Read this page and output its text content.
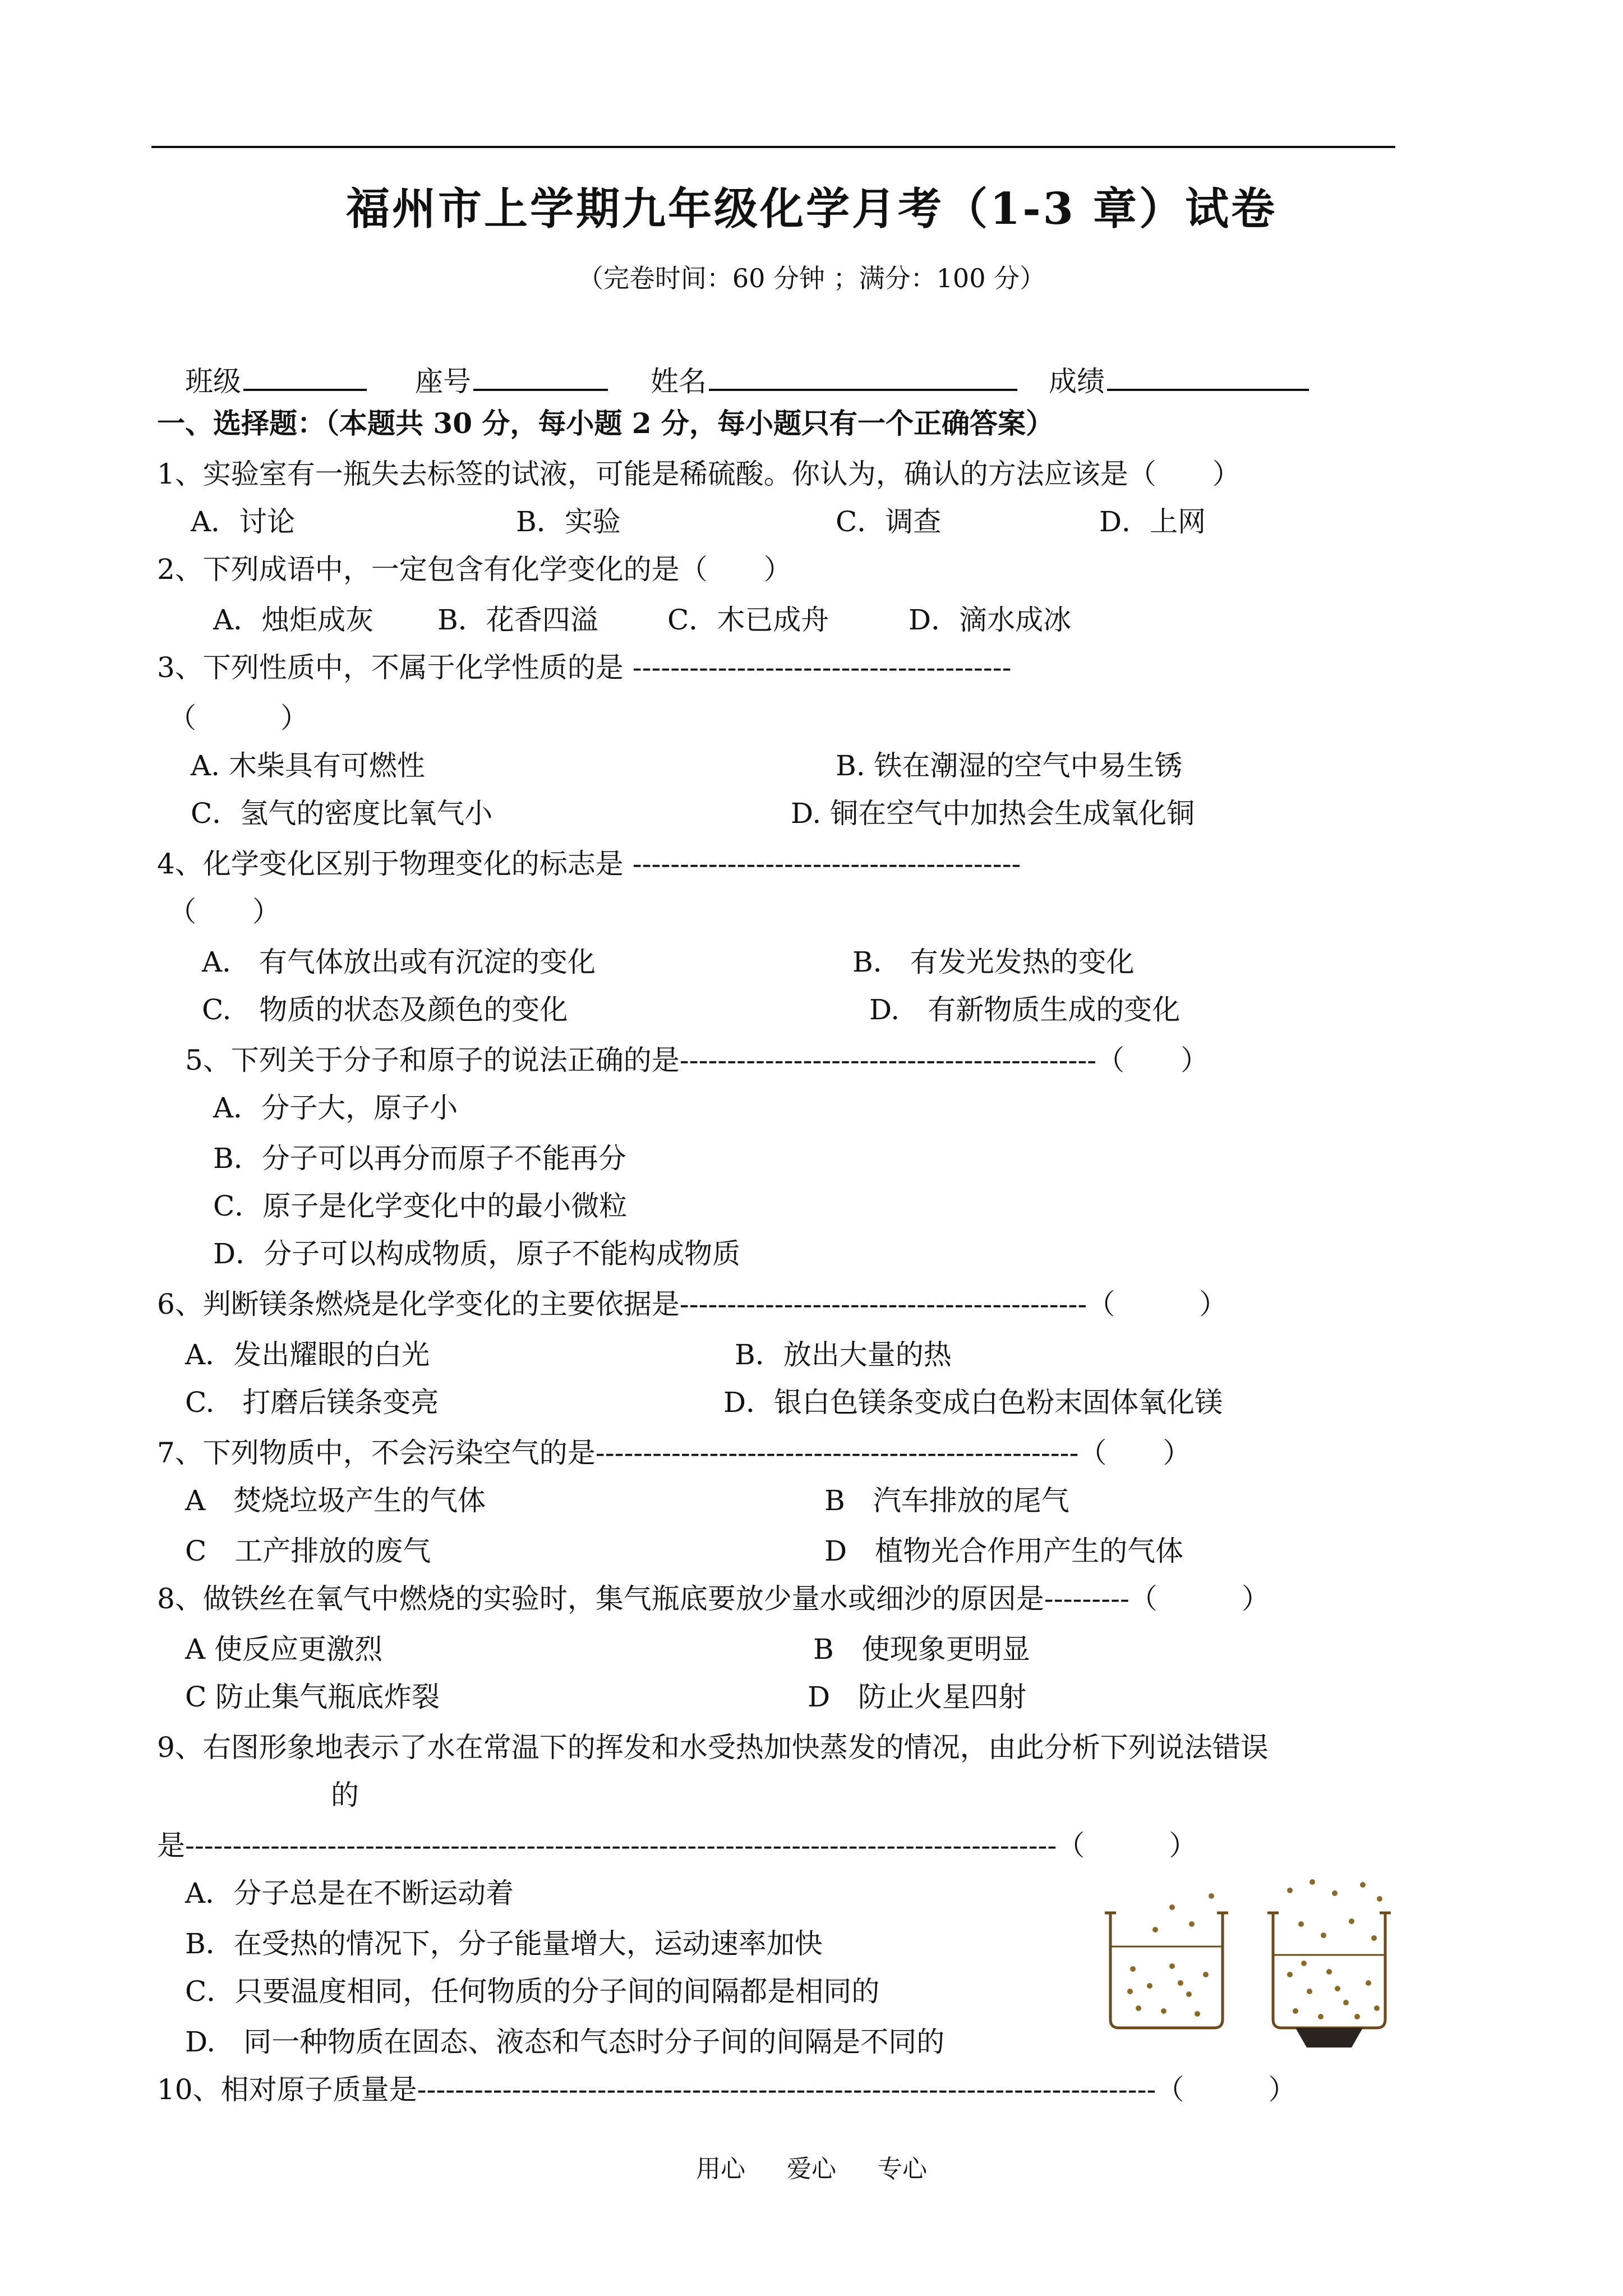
福州市上学期九年级化学月考（1-3 章）试卷
（完卷时间：60 分钟 ；满分：100 分）
班级	座号	姓名	成绩
一、选择题：（本题共 30 分，每小题 2 分，每小题只有一个正确答案）
1、实验室有一瓶失去标签的试液，可能是稀硫酸。你认为，确认的方法应该是（　　）
A．讨论	B．实验	C．调查	D．上网
2、下列成语中，一定包含有化学变化的是（　　）
A．烛炬成灰 B．花香四溢 C．木已成舟	D．滴水成冰
3、下列性质中，不属于化学性质的是 ----------------------------------------
（　　　）
A. 木柴具有可燃性	B. 铁在潮湿的空气中易生锈
C．氢气的密度比氧气小	D. 铜在空气中加热会生成氧化铜
4、化学变化区别于物理变化的标志是 -----------------------------------------
（　　）
A． 有气体放出或有沉淀的变化	B． 有发光发热的变化
C.　物质的状态及颜色的变化	D.　有新物质生成的变化
5、下列关于分子和原子的说法正确的是--------------------------------------------（　　）
A．分子大，原子小
B．分子可以再分而原子不能再分
C．原子是化学变化中的最小微粒
D．分子可以构成物质，原子不能构成物质
6、判断镁条燃烧是化学变化的主要依据是-------------------------------------------（　　　）
A．发出耀眼的白光	B．放出大量的热
C.　打磨后镁条变亮	D．银白色镁条变成白色粉末固体氧化镁
7、下列物质中，不会污染空气的是---------------------------------------------------（　　）
A　焚烧垃圾产生的气体	B　汽车排放的尾气
C　工产排放的废气	D　植物光合作用产生的气体
8、做铁丝在氧气中燃烧的实验时，集气瓶底要放少量水或细沙的原因是---------（　　　）
A 使反应更激烈	B　使现象更明显
C 防止集气瓶底炸裂	D　防止火星四射
9、右图形象地表示了水在常温下的挥发和水受热加快蒸发的情况，由此分析下列说法错误
的
是--------------------------------------------------------------------------------------------（　　　）
A．分子总是在不断运动着
B．在受热的情况下，分子能量增大，运动速率加快
C．只要温度相同，任何物质的分子间的间隔都是相同的
D.　同一种物质在固态、液态和气态时分子间的间隔是不同的
10、相对原子质量是------------------------------------------------------------------------------（　　　）
用心 爱心 专心
